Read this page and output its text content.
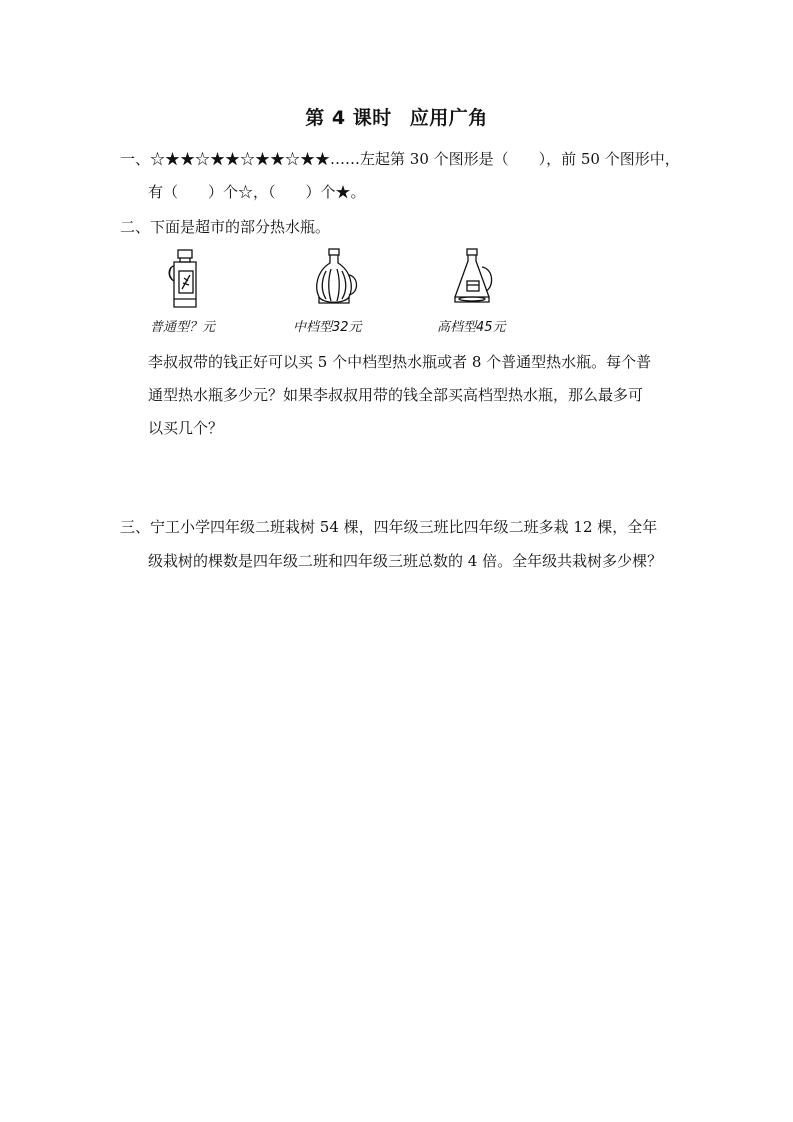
第 4 课时 应用广角
一、☆★★☆★★☆★★☆★★……左起第 30 个图形是（　　），前 50 个图形中，
有（　　）个☆，（　　）个★。
二、下面是超市的部分热水瓶。
普通型？元	中档型32元	高档型45元
李叔叔带的钱正好可以买 5 个中档型热水瓶或者 8 个普通型热水瓶。每个普
通型热水瓶多少元？如果李叔叔用带的钱全部买高档型热水瓶，那么最多可
以买几个？
三、宁工小学四年级二班栽树 54 棵，四年级三班比四年级二班多栽 12 棵，全年
级栽树的棵数是四年级二班和四年级三班总数的 4 倍。全年级共栽树多少棵？
